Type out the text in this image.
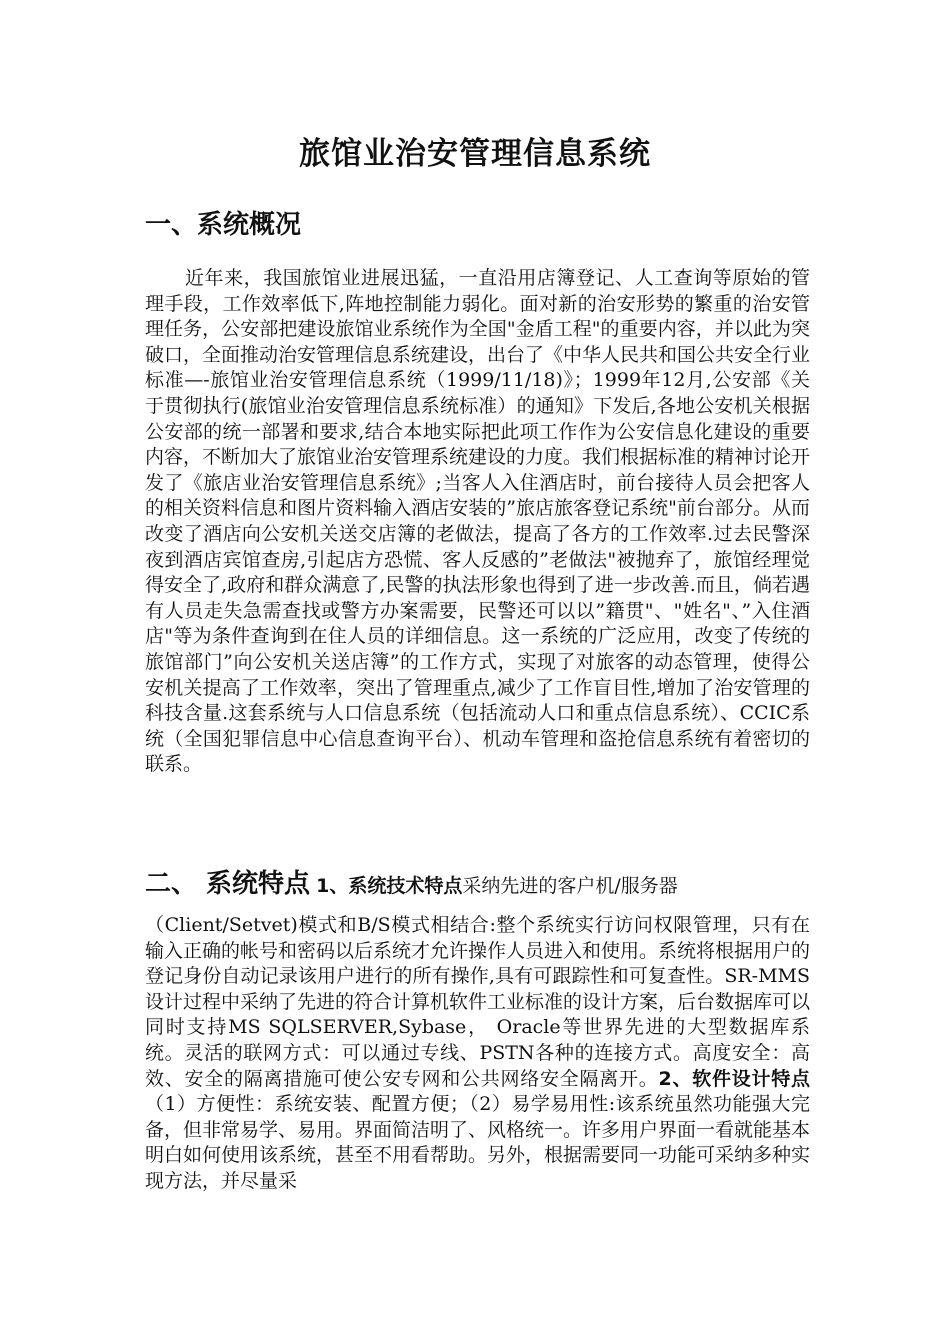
旅馆业治安管理信息系统
一、系统概况

近年来，我国旅馆业进展迅猛，一直沿用店簿登记、人工查询等原始的管理手段，工作效率低下,阵地控制能力弱化。面对新的治安形势的繁重的治安管理任务，公安部把建设旅馆业系统作为全国"金盾工程"的重要内容，并以此为突破口，全面推动治安管理信息系统建设，出台了《中华人民共和国公共安全行业标准—-旅馆业治安管理信息系统（1999/11/18)》；1999年12月,公安部《关于贯彻执行(旅馆业治安管理信息系统标准）的通知》下发后,各地公安机关根据公安部的统一部署和要求,结合本地实际把此项工作作为公安信息化建设的重要内容，不断加大了旅馆业治安管理系统建设的力度。我们根据标准的精神讨论开发了《旅店业治安管理信息系统》;当客人入住酒店时，前台接待人员会把客人的相关资料信息和图片资料输入酒店安装的”旅店旅客登记系统"前台部分。从而改变了酒店向公安机关送交店簿的老做法，提高了各方的工作效率.过去民警深夜到酒店宾馆查房,引起店方恐慌、客人反感的”老做法"被抛弃了，旅馆经理觉得安全了,政府和群众满意了,民警的执法形象也得到了进一步改善.而且，倘若遇有人员走失急需查找或警方办案需要，民警还可以以”籍贯"、"姓名"、”入住酒店"等为条件查询到在住人员的详细信息。这一系统的广泛应用，改变了传统的旅馆部门”向公安机关送店簿”的工作方式，实现了对旅客的动态管理，使得公安机关提高了工作效率，突出了管理重点,减少了工作盲目性,增加了治安管理的科技含量.这套系统与人口信息系统（包括流动人口和重点信息系统）、CCIC系统（全国犯罪信息中心信息查询平台）、机动车管理和盗抢信息系统有着密切的联系。

二、 系统特点 1、系统技术特点采纳先进的客户机/服务器

（Client/Setvet)模式和B/S模式相结合:整个系统实行访问权限管理，只有在输入正确的帐号和密码以后系统才允许操作人员进入和使用。系统将根据用户的登记身份自动记录该用户进行的所有操作,具有可跟踪性和可复查性。SR-MMS设计过程中采纳了先进的符合计算机软件工业标准的设计方案，后台数据库可以同时支持MS SQLSERVER,Sybase， Oracle等世界先进的大型数据库系统。灵活的联网方式：可以通过专线、PSTN各种的连接方式。高度安全：高效、安全的隔离措施可使公安专网和公共网络安全隔离开。2、软件设计特点（1）方便性：系统安装、配置方便；（2）易学易用性:该系统虽然功能强大完备，但非常易学、易用。界面简洁明了、风格统一。许多用户界面一看就能基本明白如何使用该系统，甚至不用看帮助。另外，根据需要同一功能可采纳多种实现方法，并尽量采
